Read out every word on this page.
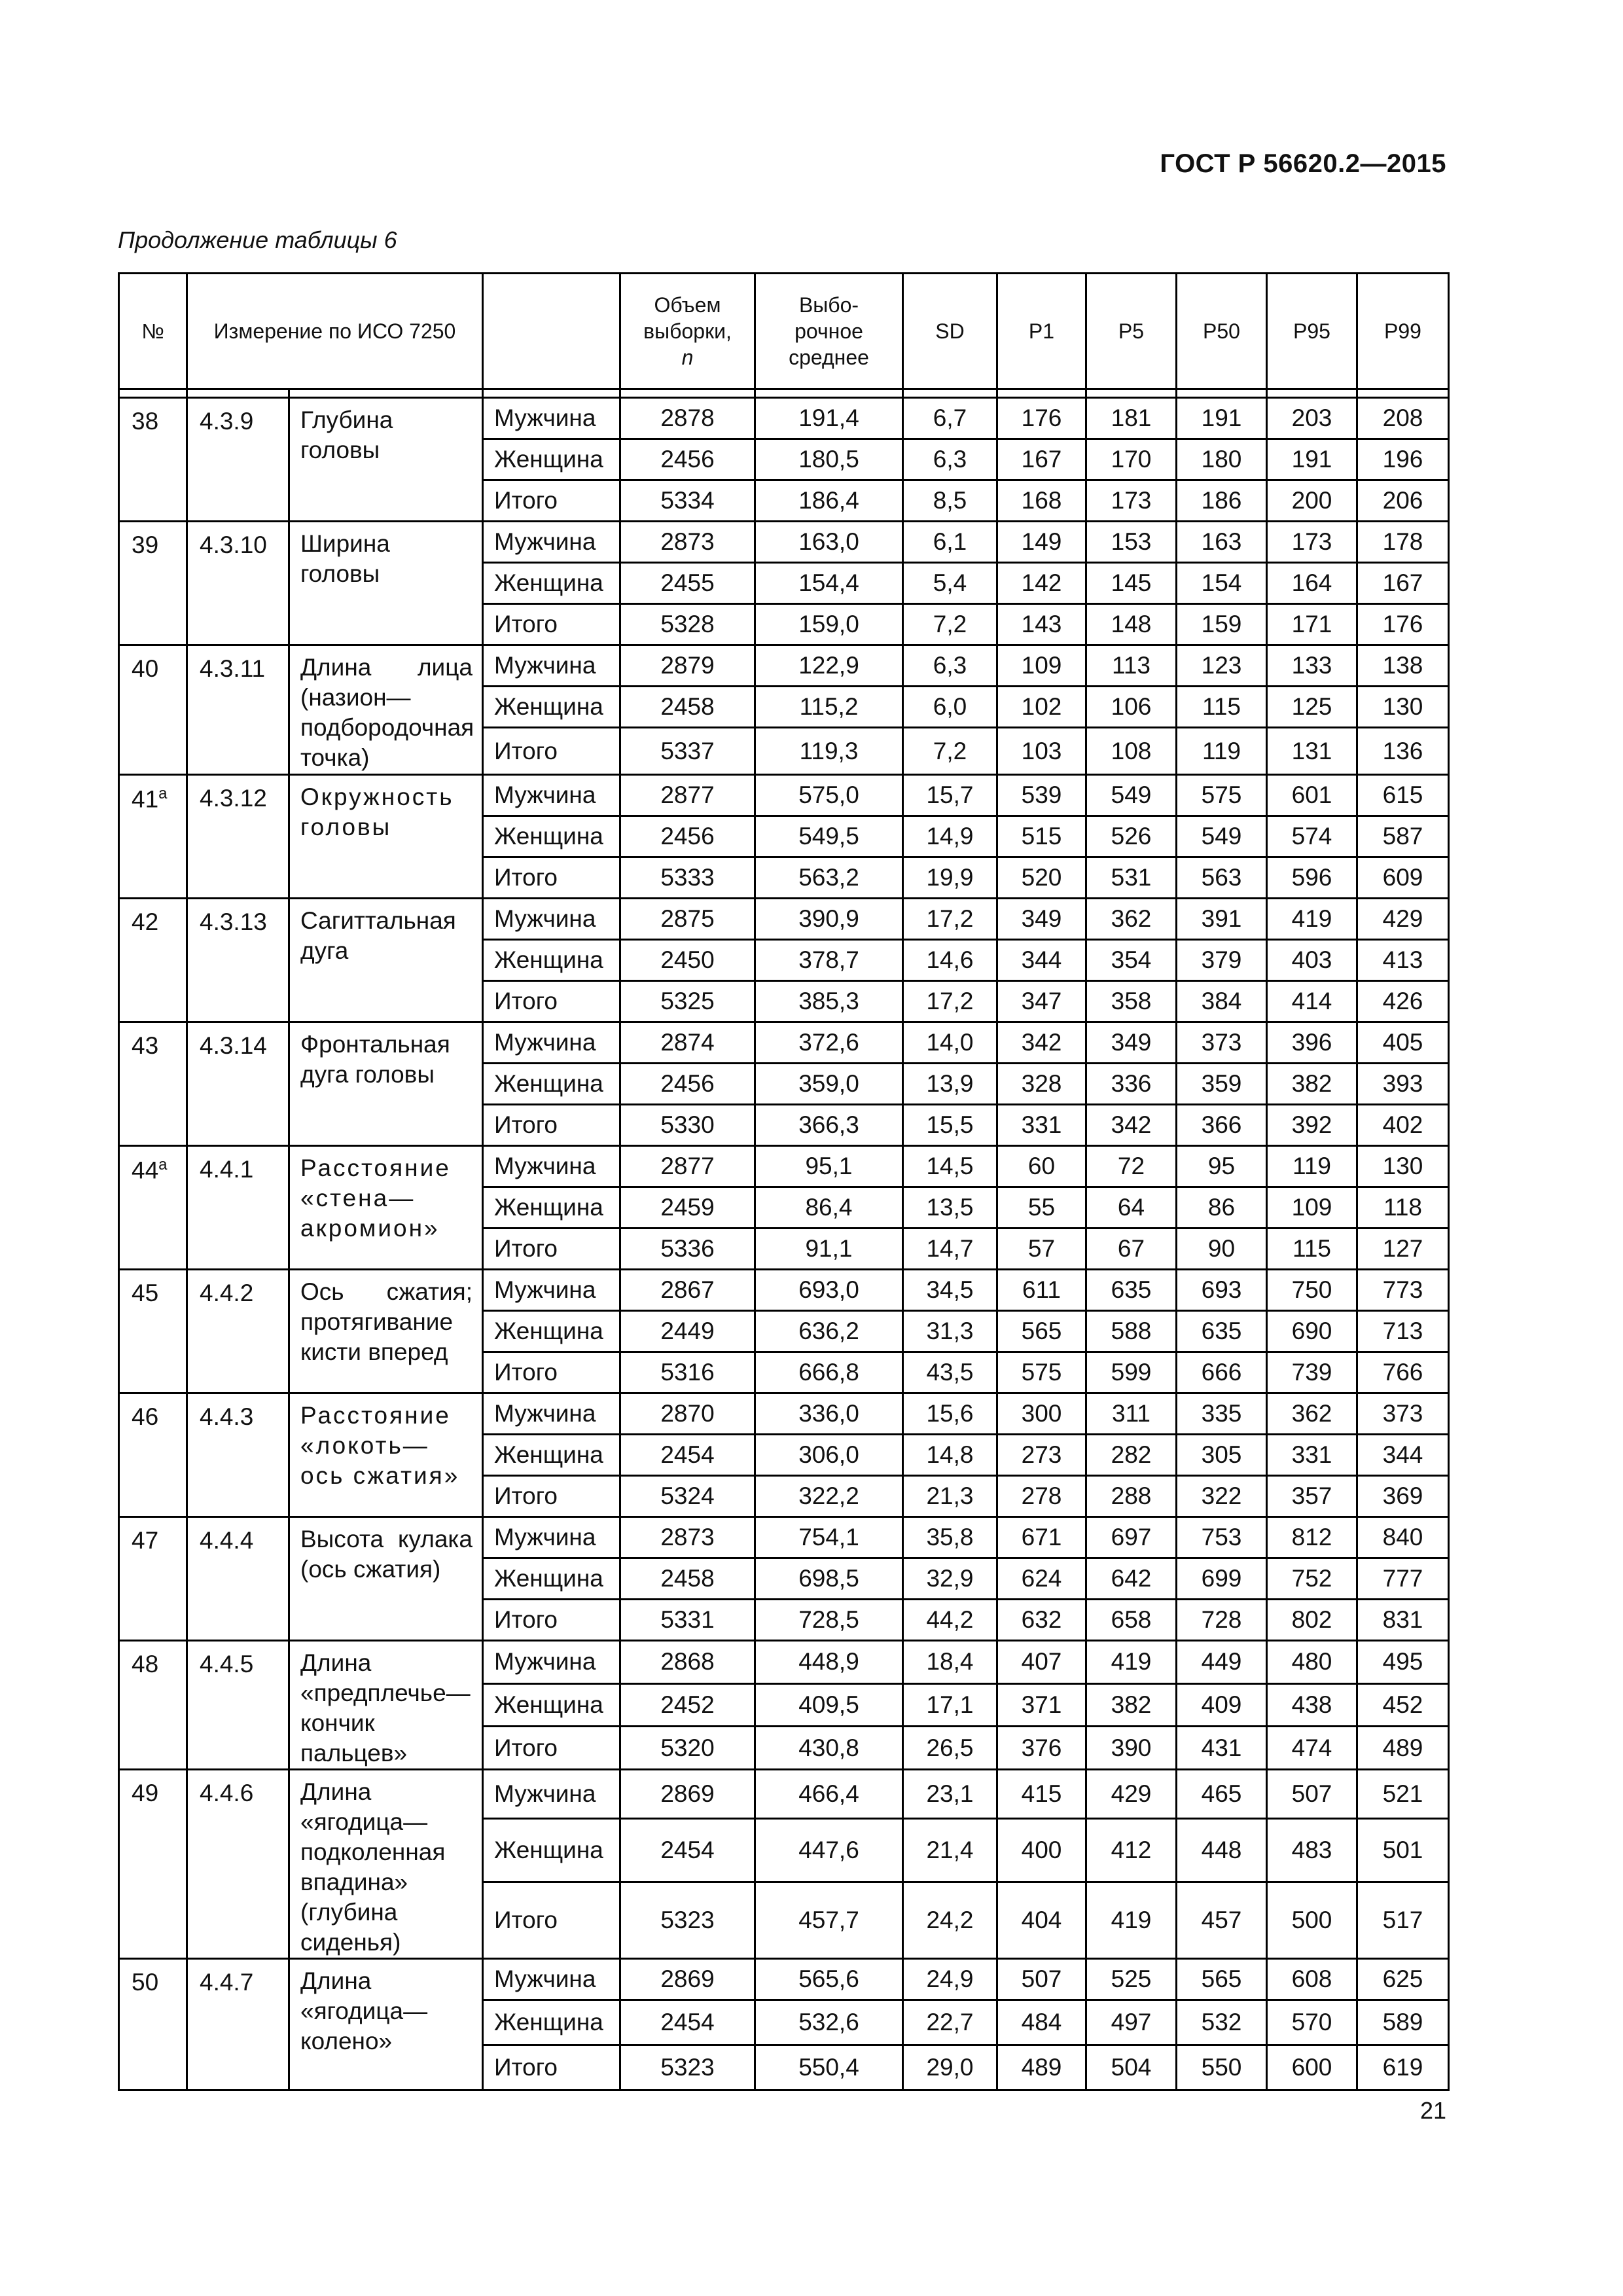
ГОСТ Р 56620.2—2015
Продолжение таблицы 6
№	Измерение по ИСО 7250			Объем
выборки,
n	Выбо-
рочное
среднее	SD	P1	P5	P50	P95	P99

38	4.3.9	Глубина головы	Мужчина	2878	191,4	6,7	176	181	191	203	208
			Женщина	2456	180,5	6,3	167	170	180	191	196
			Итого	5334	186,4	8,5	168	173	186	200	206
39	4.3.10	Ширина головы	Мужчина	2873	163,0	6,1	149	153	163	173	178
			Женщина	2455	154,4	5,4	142	145	154	164	167
			Итого	5328	159,0	7,2	143	148	159	171	176
40	4.3.11	Длина лица (назион—подбородочная точка)	Мужчина	2879	122,9	6,3	109	113	123	133	138
			Женщина	2458	115,2	6,0	102	106	115	125	130
			Итого	5337	119,3	7,2	103	108	119	131	136
$41^а$	4.3.12	Окружность головы	Мужчина	2877	575,0	15,7	539	549	575	601	615
			Женщина	2456	549,5	14,9	515	526	549	574	587
			Итого	5333	563,2	19,9	520	531	563	596	609
42	4.3.13	Сагиттальная дуга	Мужчина	2875	390,9	17,2	349	362	391	419	429
			Женщина	2450	378,7	14,6	344	354	379	403	413
			Итого	5325	385,3	17,2	347	358	384	414	426
43	4.3.14	Фронтальная дуга головы	Мужчина	2874	372,6	14,0	342	349	373	396	405
			Женщина	2456	359,0	13,9	328	336	359	382	393
			Итого	5330	366,3	15,5	331	342	366	392	402
$44^а$	4.4.1	Расстояние «стена—акромион»	Мужчина	2877	95,1	14,5	60	72	95	119	130
			Женщина	2459	86,4	13,5	55	64	86	109	118
			Итого	5336	91,1	14,7	57	67	90	115	127
45	4.4.2	Ось сжатия; протягивание кисти вперед	Мужчина	2867	693,0	34,5	611	635	693	750	773
			Женщина	2449	636,2	31,3	565	588	635	690	713
			Итого	5316	666,8	43,5	575	599	666	739	766
46	4.4.3	Расстояние «локоть—ось сжатия»	Мужчина	2870	336,0	15,6	300	311	335	362	373
			Женщина	2454	306,0	14,8	273	282	305	331	344
			Итого	5324	322,2	21,3	278	288	322	357	369
47	4.4.4	Высота кулака (ось сжатия)	Мужчина	2873	754,1	35,8	671	697	753	812	840
			Женщина	2458	698,5	32,9	624	642	699	752	777
			Итого	5331	728,5	44,2	632	658	728	802	831
48	4.4.5	Длина «предплечье—кончик пальцев»	Мужчина	2868	448,9	18,4	407	419	449	480	495
			Женщина	2452	409,5	17,1	371	382	409	438	452
			Итого	5320	430,8	26,5	376	390	431	474	489
49	4.4.6	Длина «ягодица—подколенная впадина» (глубина сиденья)	Мужчина	2869	466,4	23,1	415	429	465	507	521
			Женщина	2454	447,6	21,4	400	412	448	483	501
			Итого	5323	457,7	24,2	404	419	457	500	517
50	4.4.7	Длина «ягодица—колено»	Мужчина	2869	565,6	24,9	507	525	565	608	625
			Женщина	2454	532,6	22,7	484	497	532	570	589
			Итого	5323	550,4	29,0	489	504	550	600	619
21
